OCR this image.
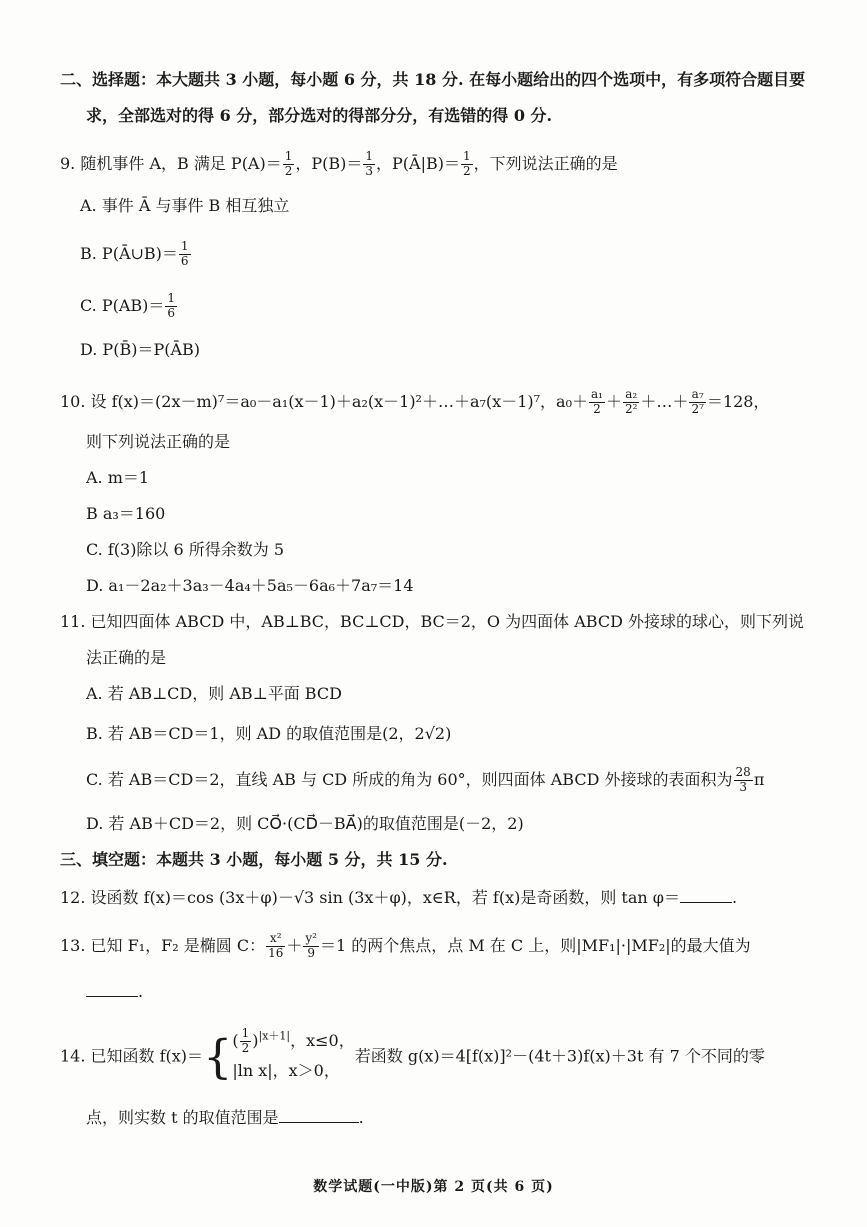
二、选择题：本大题共 3 小题，每小题 6 分，共 18 分. 在每小题给出的四个选项中，有多项符合题目要
求，全部选对的得 6 分，部分选对的得部分分，有选错的得 0 分.
9. 随机事件 A，B 满足 $P(A)= \frac{1}{2}$ ，$P(B)= \frac{1}{3}$ ，P(Ā|B)＝ $\frac{1}{2}$ ，下列说法正确的是
A. 事件 Ā 与事件 B 相互独立
B. P(Ā∪B)＝ $\frac{1}{6}$
C. $P(AB)= \frac{1}{6}$
D. P(B̄)＝P(ĀB)
10. 设 f(x)＝(2x－m)⁷＝a₀－a₁(x－1)＋a₂(x－1)²＋…＋a₇(x－1)⁷，$a_0+ \frac{\text{a₁}}{2} + \frac{\text{a₂}}{\text{2²}}$ ＋…＋ $\frac{\text{a₇}}{\text{2⁷}} =128$，
则下列说法正确的是
A. m＝1
B a₃＝160
C. f(3)除以 6 所得余数为 5
D. a₁－2a₂＋3a₃－4a₄＋5a₅－6a₆＋7a₇＝14
11. 已知四面体 ABCD 中，AB⊥BC，BC⊥CD，BC＝2，O 为四面体 ABCD 外接球的球心，则下列说
法正确的是
A. 若 AB⊥CD，则 AB⊥平面 BCD
B. 若 AB＝CD＝1，则 AD 的取值范围是(2，2√2)
C. 若 AB＝CD＝2，直线 AB 与 CD 所成的角为 60°，则四面体 ABCD 外接球的表面积为 $\frac{28}{3}$ π
D. 若 AB＋CD＝2，则 CO⃗·(CD⃗－BA⃗)的取值范围是(－2，2)
三、填空题：本题共 3 小题，每小题 5 分，共 15 分.
12. 设函数 f(x)＝cos (3x＋φ)－√3 sin (3x＋φ)，x∈R，若 f(x)是奇函数，则 tan φ＝	.
13. 已知 F₁，F₂ 是椭圆 C： $\frac{\text{x²}}{16} + \frac{\text{y²}}{9} =1$ 的两个焦点，点 M 在 C 上，则|MF₁|·|MF₂|的最大值为
.
14. 已知函数 f(x)＝{ ( $\frac{1}{2} )^{|x+1|}$，x≤0，
|ln x|，x＞0，
若函数 g(x)＝4[f(x)]²－(4t＋3)f(x)＋3t 有 7 个不同的零
点，则实数 t 的取值范围是	.
数学试题(一中版)第 2 页(共 6 页)
